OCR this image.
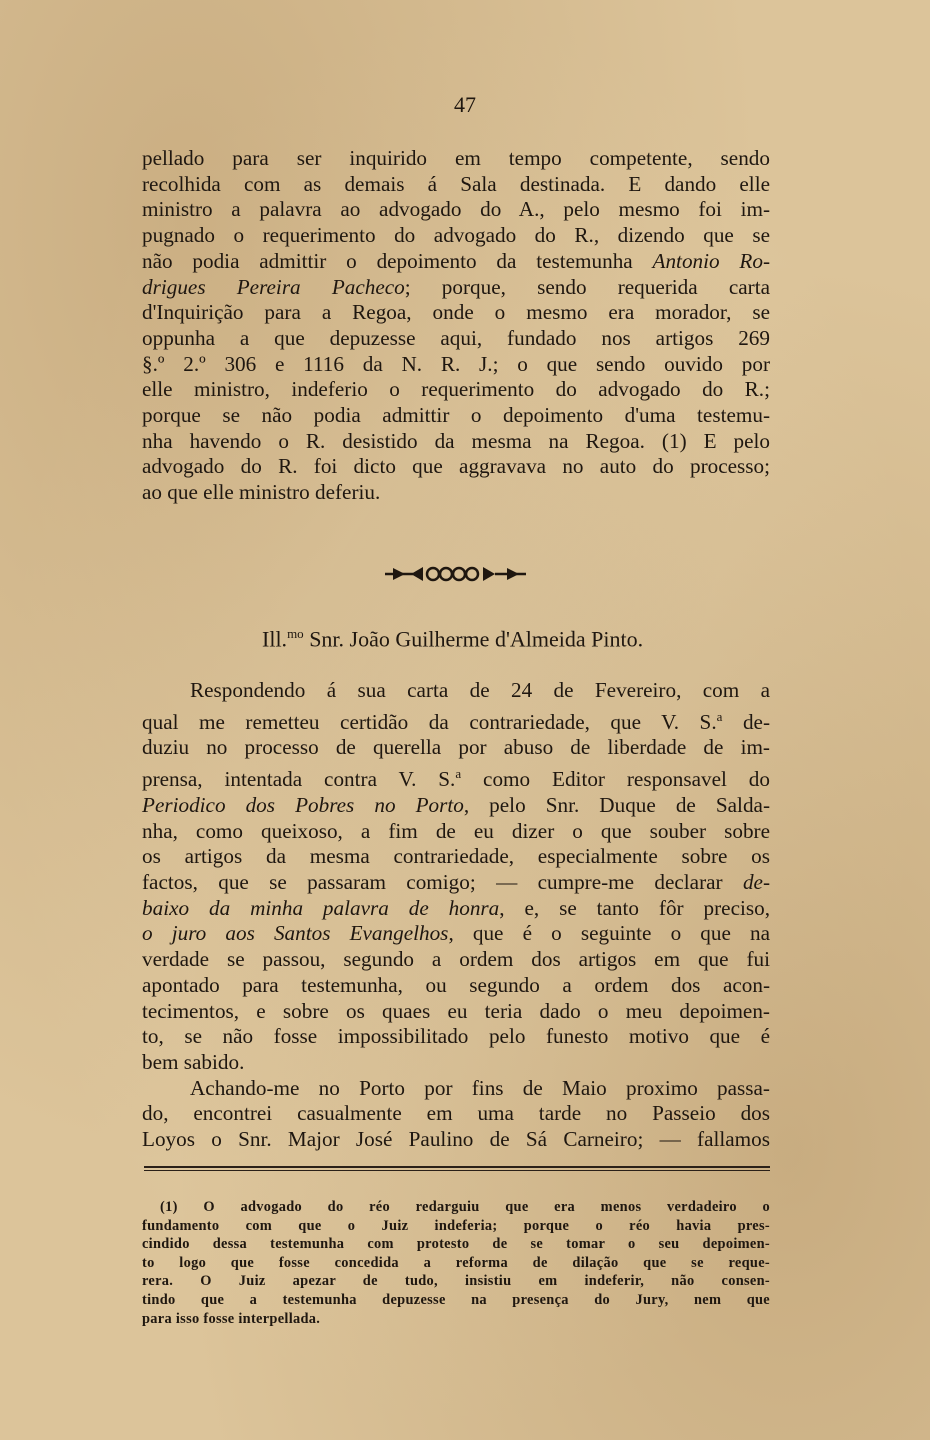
47
pellado para ser inquirido em tempo competente, sendo
recolhida com as demais á Sala destinada. E dando elle
ministro a palavra ao advogado do A., pelo mesmo foi im-
pugnado o requerimento do advogado do R., dizendo que se
não podia admittir o depoimento da testemunha Antonio Ro-
drigues Pereira Pacheco; porque, sendo requerida carta
d'Inquirição para a Regoa, onde o mesmo era morador, se
oppunha a que depuzesse aqui, fundado nos artigos 269
§.º 2.º 306 e 1116 da N. R. J.; o que sendo ouvido por
elle ministro, indeferio o requerimento do advogado do R.;
porque se não podia admittir o depoimento d'uma testemu-
nha havendo o R. desistido da mesma na Regoa. (1) E pelo
advogado do R. foi dicto que aggravava no auto do processo;
ao que elle ministro deferiu.
Ill.$^{mo}$ Snr. João Guilherme d'Almeida Pinto.
Respondendo á sua carta de 24 de Fevereiro, com a
qual me remetteu certidão da contrariedade, que V. S.$^a$ de-
duziu no processo de querella por abuso de liberdade de im-
prensa, intentada contra V. S.$^a$ como Editor responsavel do
Periodico dos Pobres no Porto, pelo Snr. Duque de Salda-
nha, como queixoso, a fim de eu dizer o que souber sobre
os artigos da mesma contrariedade, especialmente sobre os
factos, que se passaram comigo; — cumpre-me declarar de-
baixo da minha palavra de honra, e, se tanto fôr preciso,
o juro aos Santos Evangelhos, que é o seguinte o que na
verdade se passou, segundo a ordem dos artigos em que fui
apontado para testemunha, ou segundo a ordem dos acon-
tecimentos, e sobre os quaes eu teria dado o meu depoimen-
to, se não fosse impossibilitado pelo funesto motivo que é
bem sabido.
Achando-me no Porto por fins de Maio proximo passa-
do, encontrei casualmente em uma tarde no Passeio dos
Loyos o Snr. Major José Paulino de Sá Carneiro; — fallamos
(1) O advogado do réo redarguiu que era menos verdadeiro o
fundamento com que o Juiz indeferia; porque o réo havia pres-
cindido dessa testemunha com protesto de se tomar o seu depoimen-
to logo que fosse concedida a reforma de dilação que se reque-
rera. O Juiz apezar de tudo, insistiu em indeferir, não consen-
tindo que a testemunha depuzesse na presença do Jury, nem que
para isso fosse interpellada.
